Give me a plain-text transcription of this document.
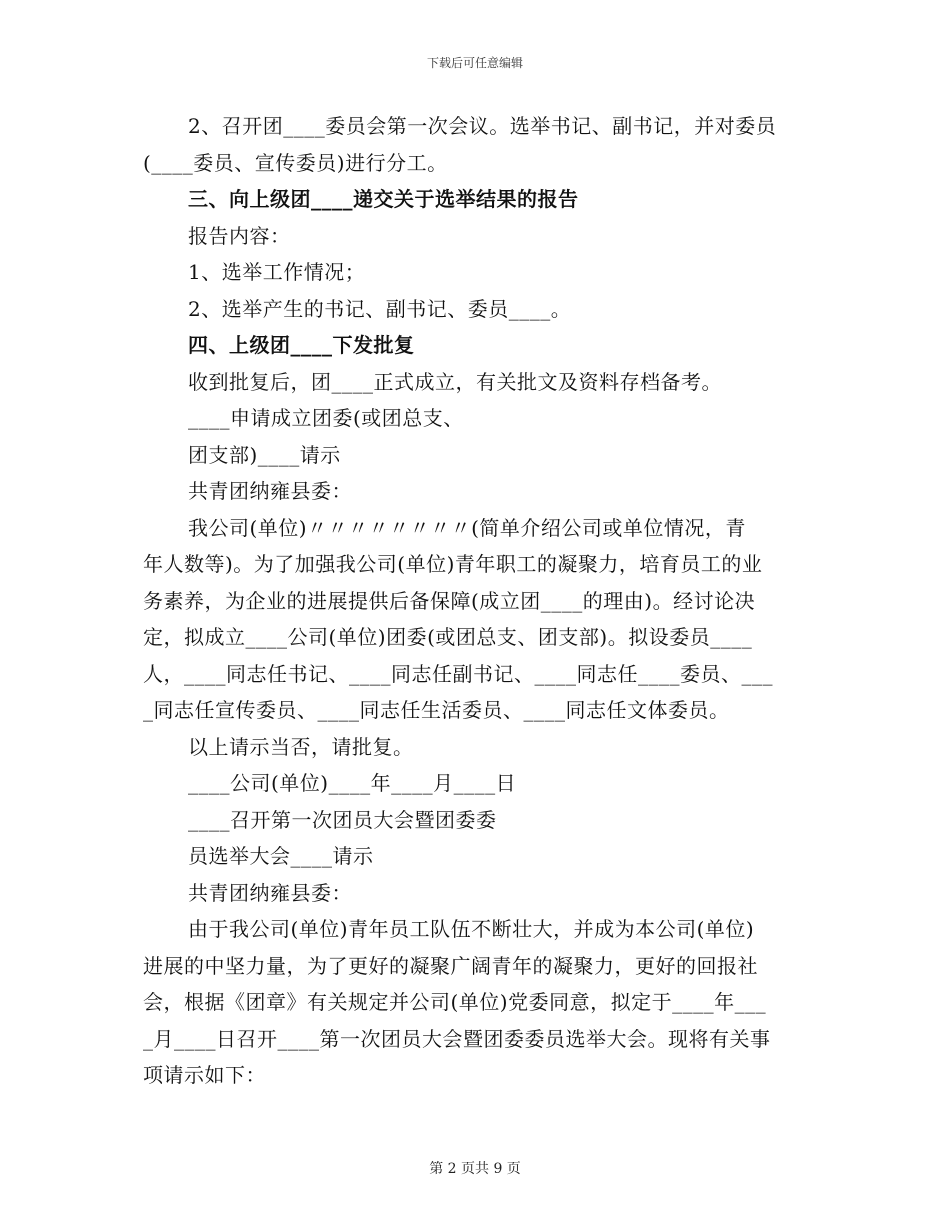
下载后可任意编辑
2、召开团____委员会第一次会议。选举书记、副书记，并对委员
(____委员、宣传委员)进行分工。
三、向上级团____递交关于选举结果的报告
报告内容：
1、选举工作情况；
2、选举产生的书记、副书记、委员____。
四、上级团____下发批复
收到批复后，团____正式成立，有关批文及资料存档备考。
____申请成立团委(或团总支、
团支部)____请示
共青团纳雍县委：
我公司(单位)〃〃〃〃〃〃〃〃(简单介绍公司或单位情况，青
年人数等)。为了加强我公司(单位)青年职工的凝聚力，培育员工的业
务素养，为企业的进展提供后备保障(成立团____的理由)。经讨论决
定，拟成立____公司(单位)团委(或团总支、团支部)。拟设委员____
人，____同志任书记、____同志任副书记、____同志任____委员、___
_同志任宣传委员、____同志任生活委员、____同志任文体委员。
以上请示当否，请批复。
____公司(单位)____年____月____日
____召开第一次团员大会暨团委委
员选举大会____请示
共青团纳雍县委：
由于我公司(单位)青年员工队伍不断壮大，并成为本公司(单位)
进展的中坚力量，为了更好的凝聚广阔青年的凝聚力，更好的回报社
会，根据《团章》有关规定并公司(单位)党委同意，拟定于____年___
_月____日召开____第一次团员大会暨团委委员选举大会。现将有关事
项请示如下：
第 2 页共 9 页
